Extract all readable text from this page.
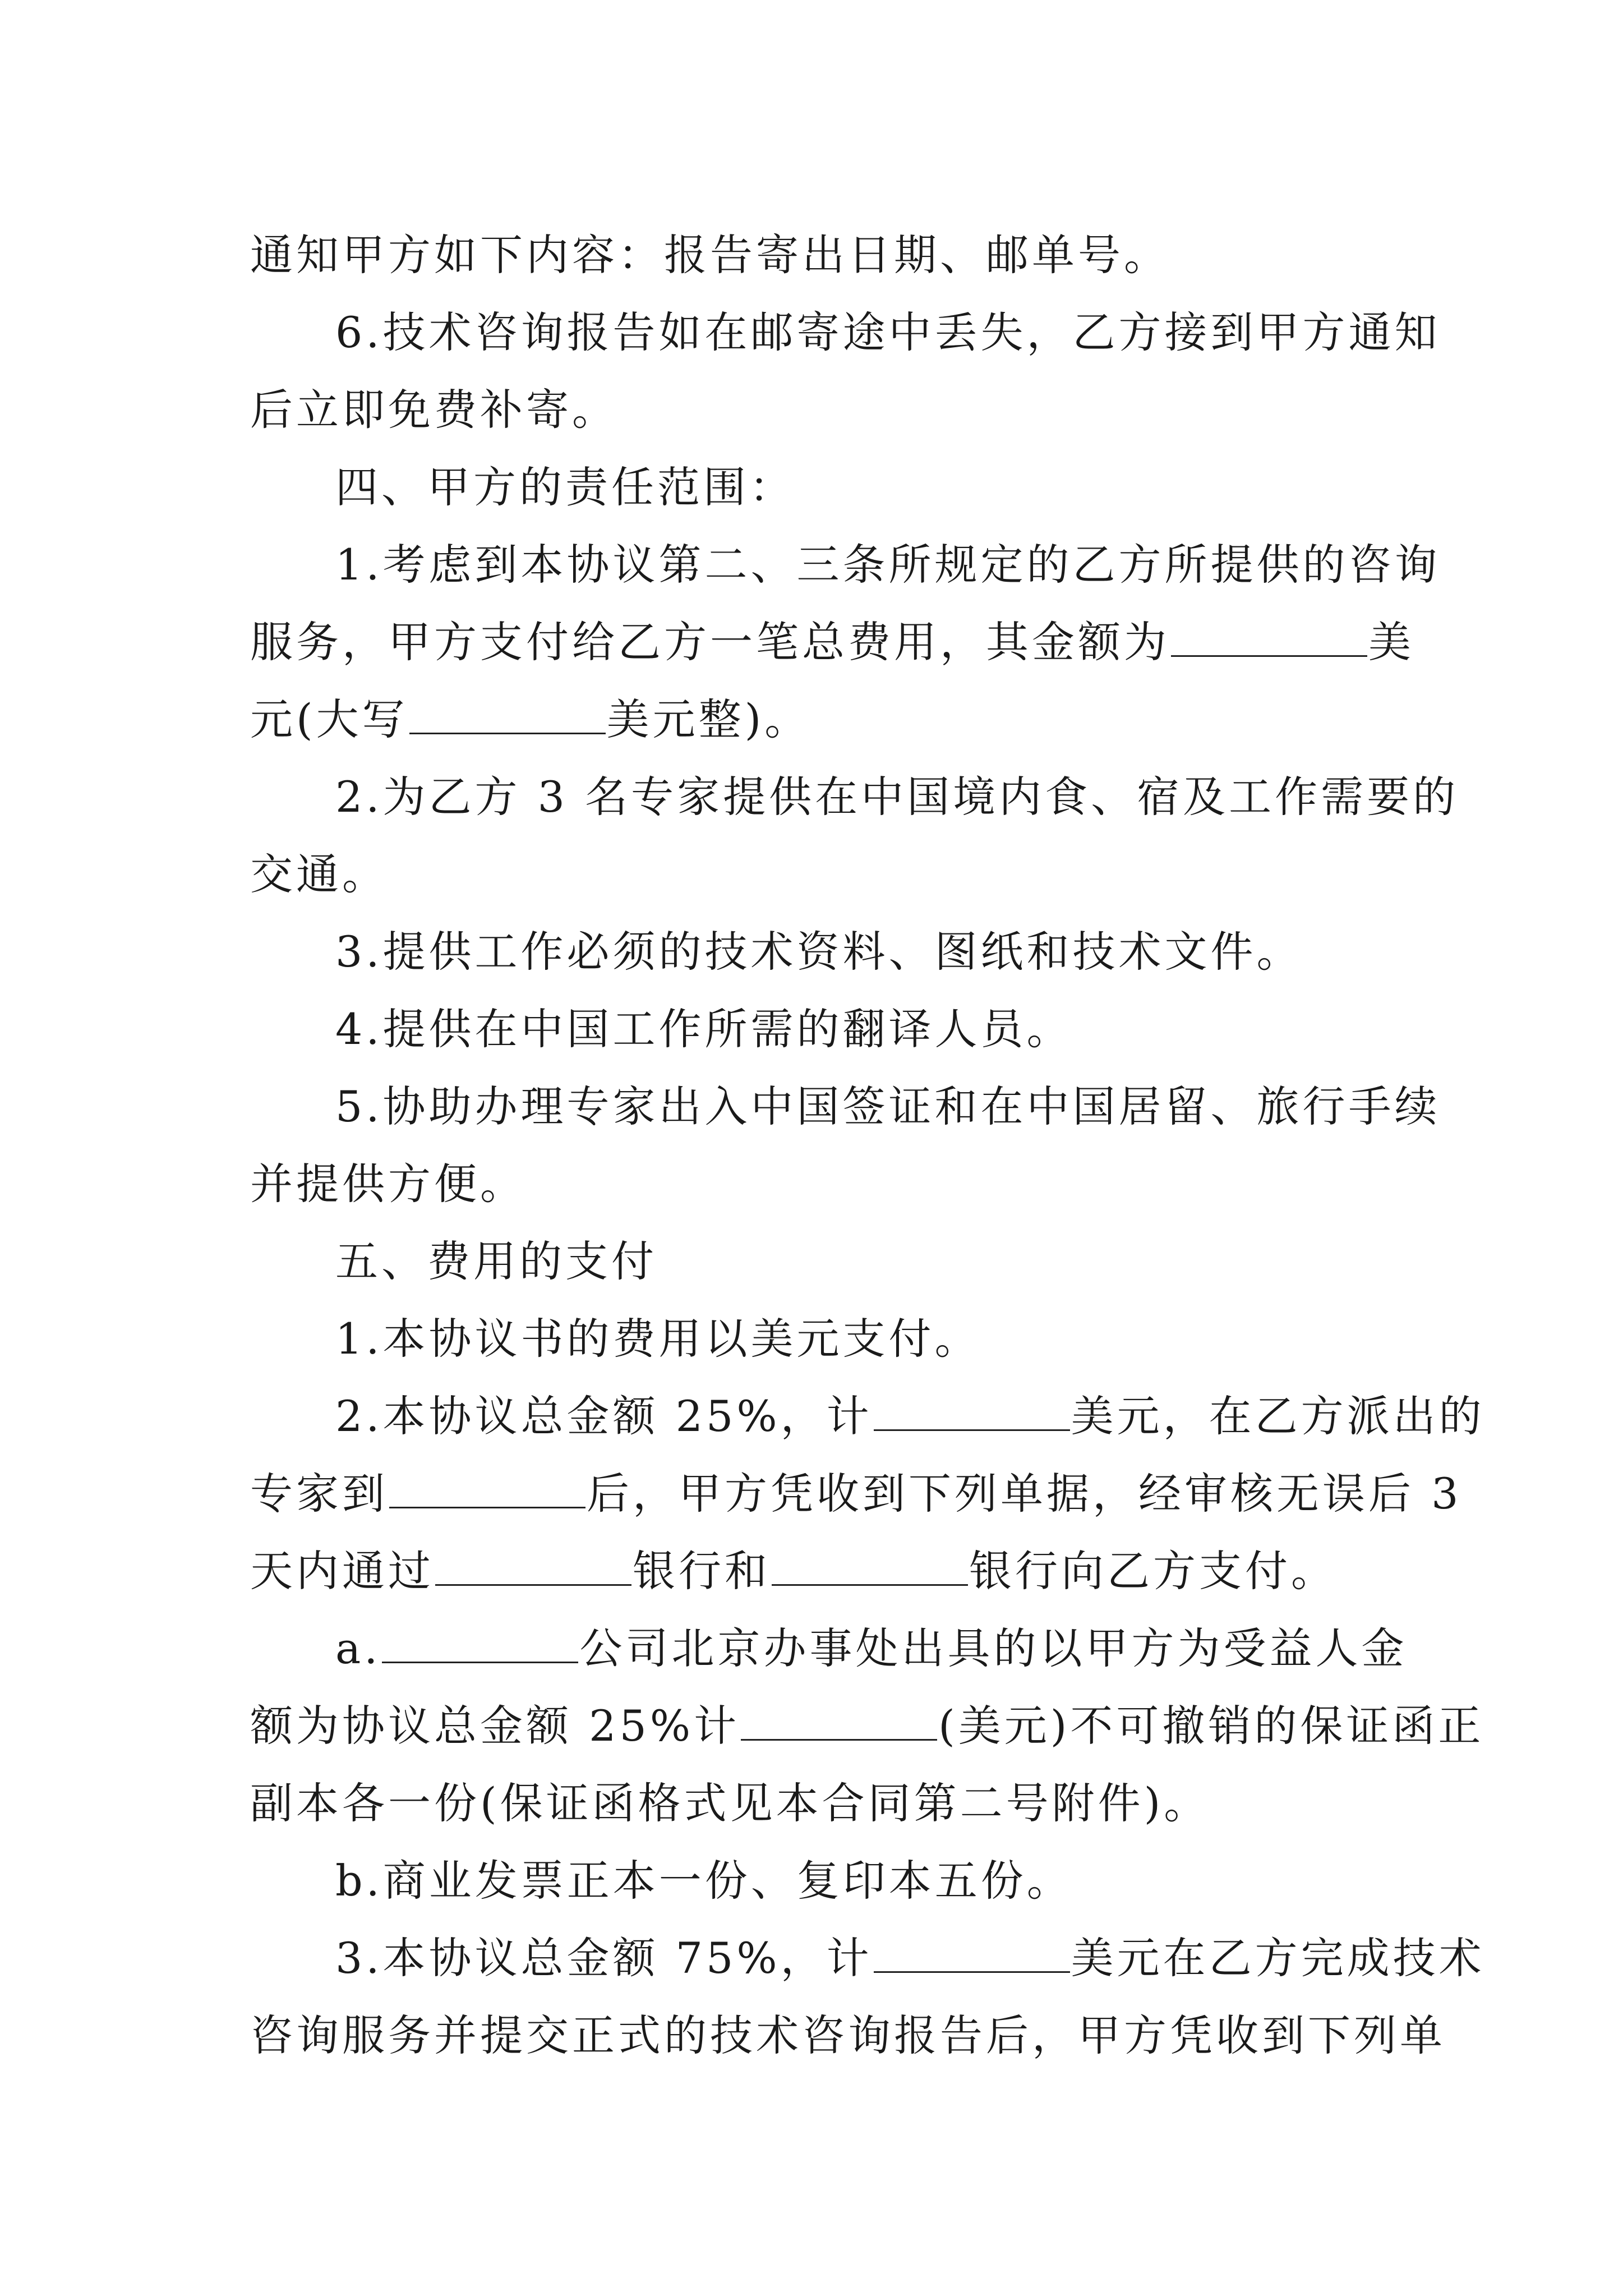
通知甲方如下内容：报告寄出日期、邮单号。
6.技术咨询报告如在邮寄途中丢失，乙方接到甲方通知
后立即免费补寄。
四、甲方的责任范围：
1.考虑到本协议第二、三条所规定的乙方所提供的咨询
服务，甲方支付给乙方一笔总费用，其金额为	美
元(大写	美元整)。
2.为乙方 3 名专家提供在中国境内食、宿及工作需要的
交通。
3.提供工作必须的技术资料、图纸和技术文件。
4.提供在中国工作所需的翻译人员。
5.协助办理专家出入中国签证和在中国居留、旅行手续
并提供方便。
五、费用的支付
1.本协议书的费用以美元支付。
2.本协议总金额 25%，计	美元，在乙方派出的
专家到	后，甲方凭收到下列单据，经审核无误后 3
天内通过	银行和	银行向乙方支付。
a.	公司北京办事处出具的以甲方为受益人金
额为协议总金额 25%计	(美元)不可撤销的保证函正
副本各一份(保证函格式见本合同第二号附件)。
b.商业发票正本一份、复印本五份。
3.本协议总金额 75%，计	美元在乙方完成技术
咨询服务并提交正式的技术咨询报告后，甲方凭收到下列单
